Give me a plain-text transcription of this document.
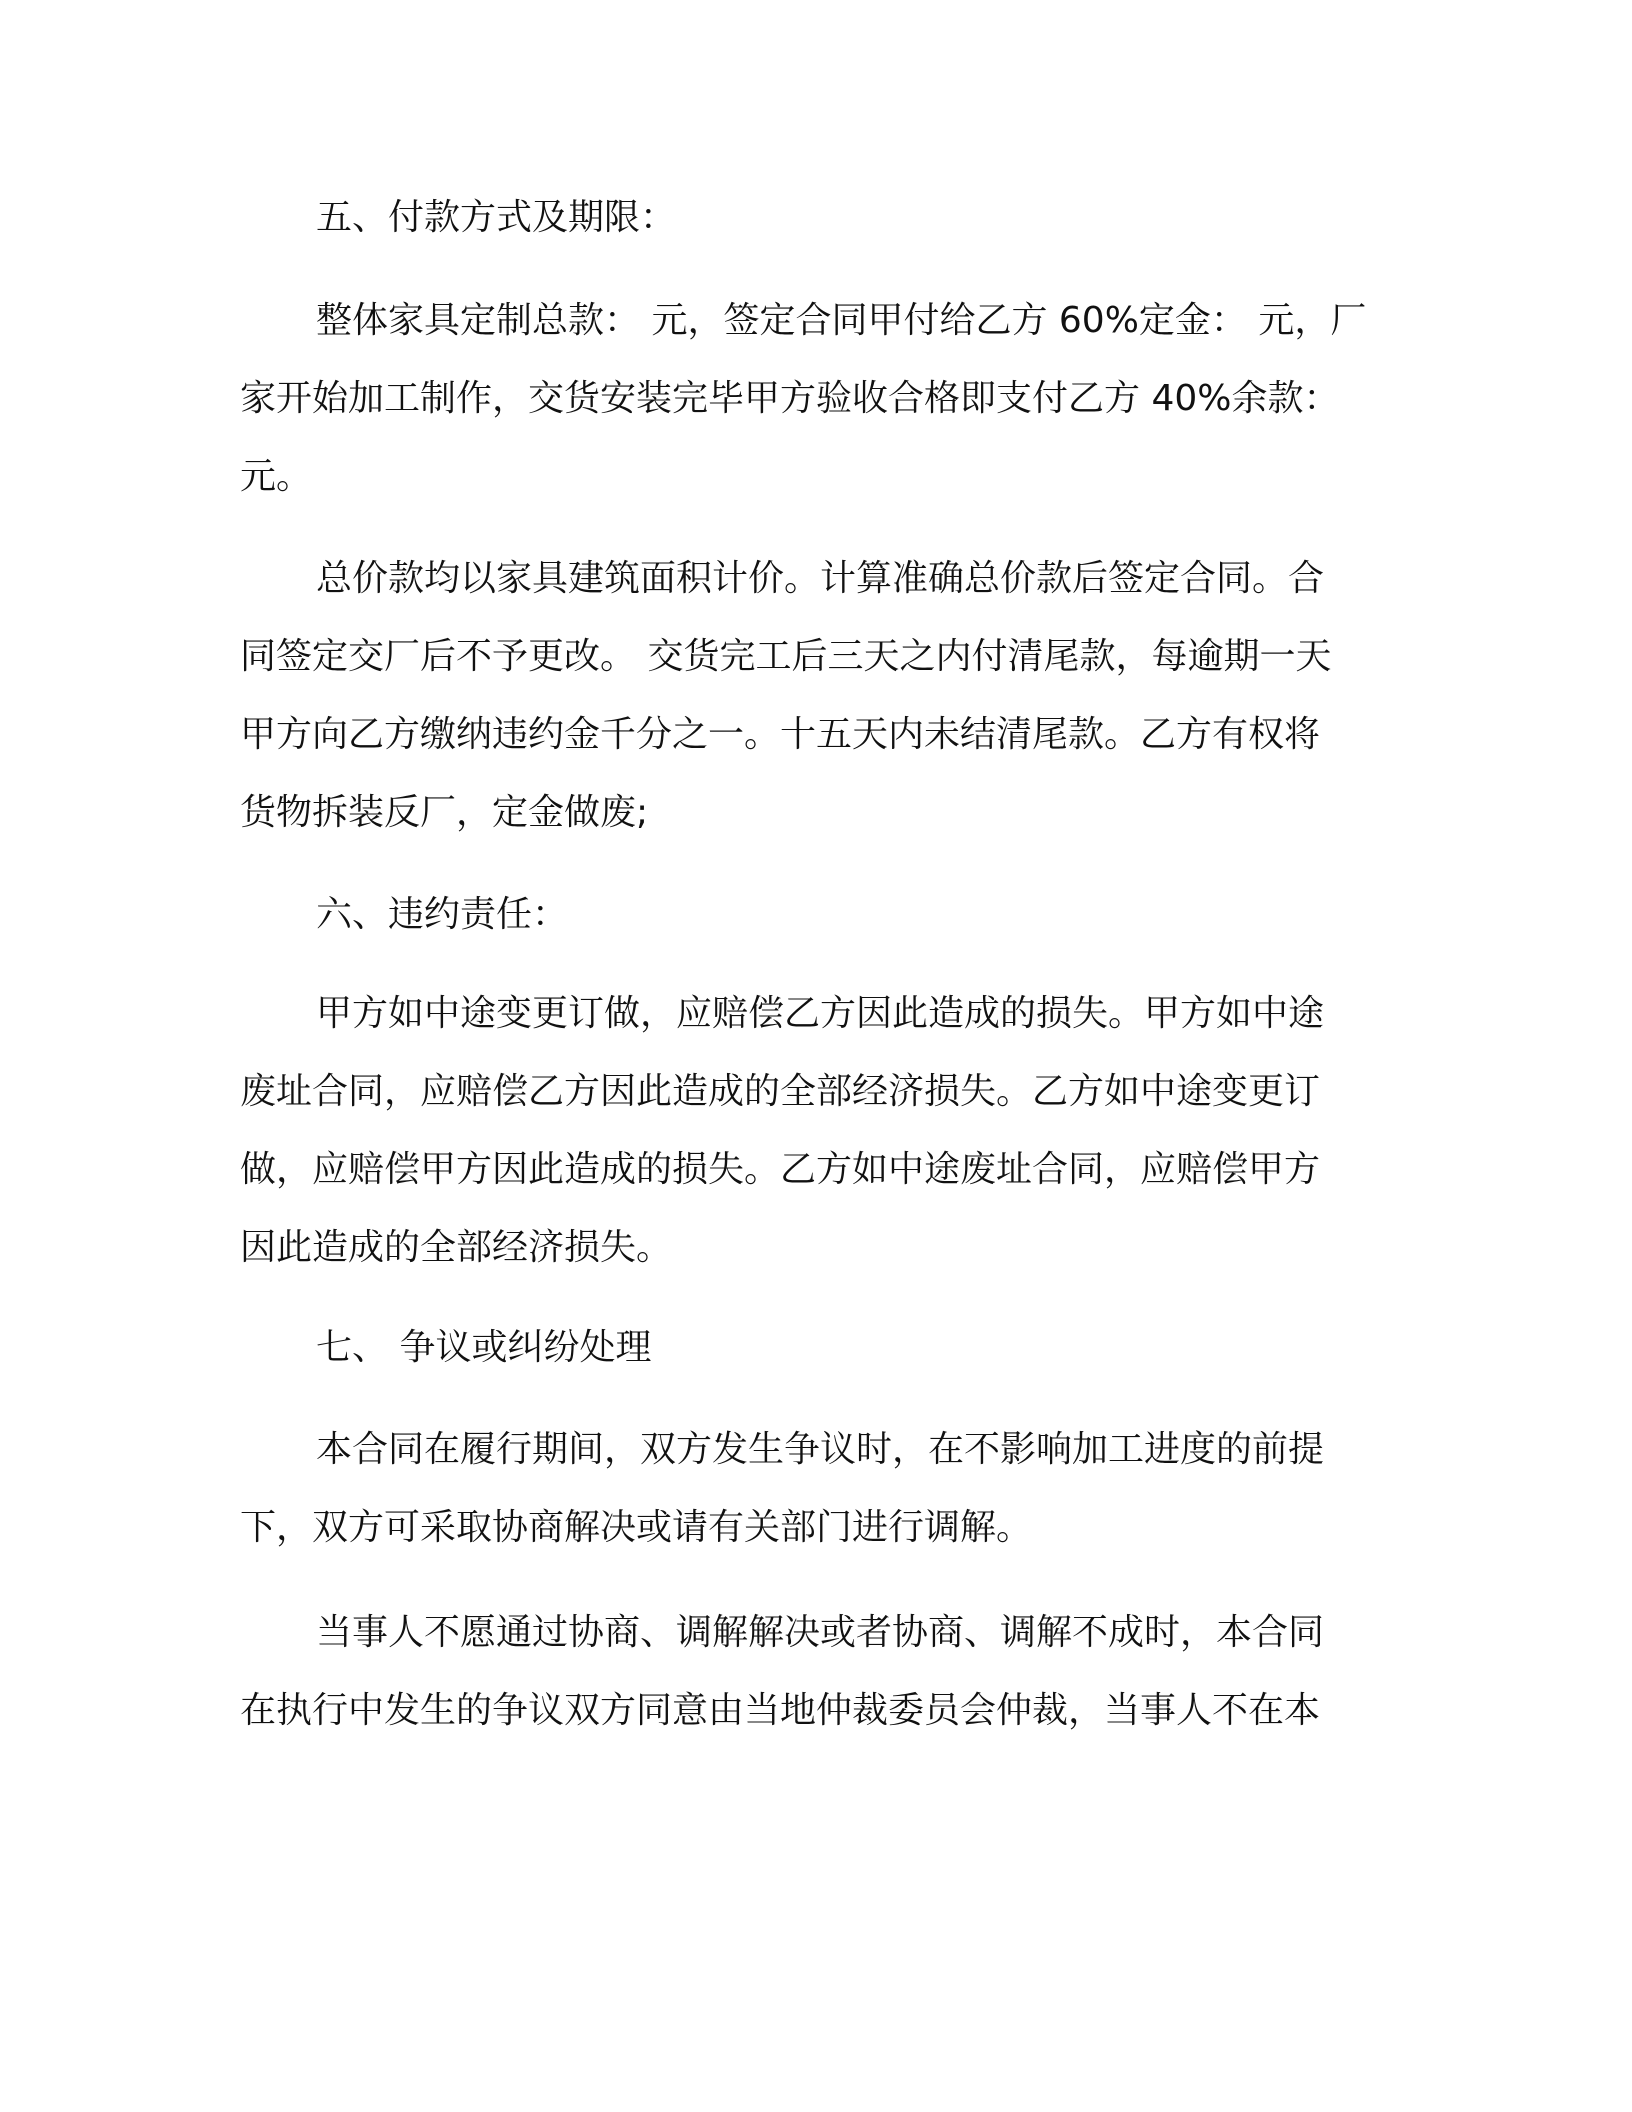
五、付款方式及期限：
整体家具定制总款： 元，签定合同甲付给乙方 60%定金： 元，厂
家开始加工制作，交货安装完毕甲方验收合格即支付乙方 40%余款：
元。
总价款均以家具建筑面积计价。计算准确总价款后签定合同。合
同签定交厂后不予更改。 交货完工后三天之内付清尾款，每逾期一天
甲方向乙方缴纳违约金千分之一。十五天内未结清尾款。乙方有权将
货物拆装反厂，定金做废;
六、违约责任：
甲方如中途变更订做，应赔偿乙方因此造成的损失。甲方如中途
废址合同，应赔偿乙方因此造成的全部经济损失。乙方如中途变更订
做，应赔偿甲方因此造成的损失。乙方如中途废址合同，应赔偿甲方
因此造成的全部经济损失。
七、 争议或纠纷处理
本合同在履行期间，双方发生争议时，在不影响加工进度的前提
下，双方可采取协商解决或请有关部门进行调解。
当事人不愿通过协商、调解解决或者协商、调解不成时，本合同
在执行中发生的争议双方同意由当地仲裁委员会仲裁，当事人不在本
